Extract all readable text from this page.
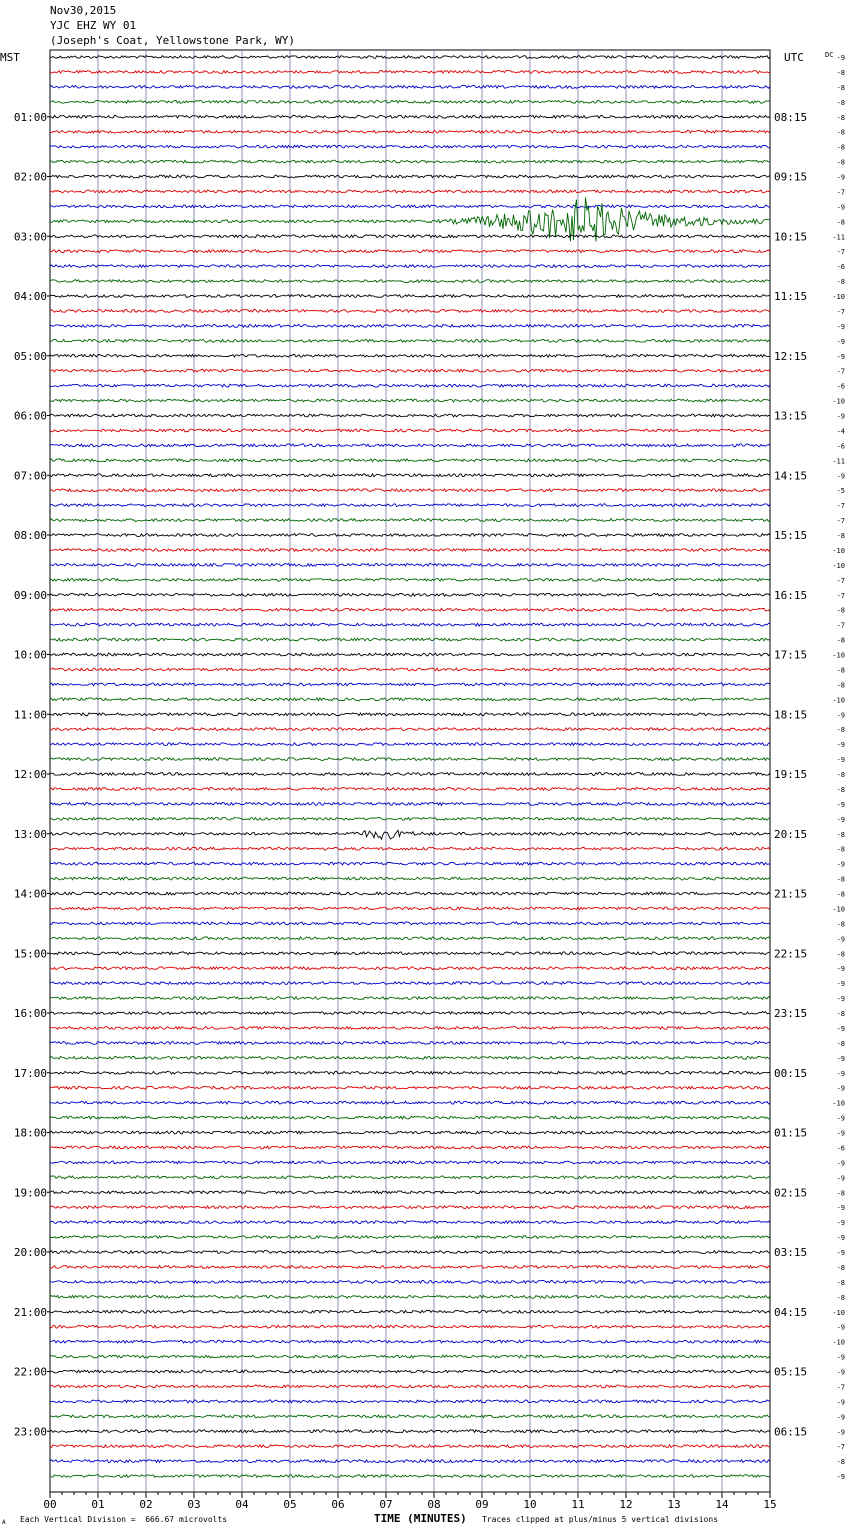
Nov30,2015
YJC EHZ WY 01
(Joseph's Coat, Yellowstone Park, WY)
MST	UTC	DC
01:00
02:00
03:00
04:00
05:00
06:00
07:00
08:00
09:00
10:00
11:00
12:00
13:00
14:00
15:00
16:00
17:00
18:00
19:00
20:00
21:00
22:00
23:00
08:15
09:15
10:15
11:15
12:15
13:15
14:15
15:15
16:15
17:15
18:15
19:15
20:15
21:15
22:15
23:15
00:15
01:15
02:15
03:15
04:15
05:15
06:15
-9
-8
-8
-8
-8
-8
-8
-8
-9
-7
-9
-8
-11
-7
-6
-8
-10
-7
-9
-9
-9
-7
-6
-10
-9
-4
-6
-11
-9
-5
-7
-7
-8
-10
-10
-7
-7
-8
-7
-8
-10
-8
-8
-10
-9
-8
-9
-9
-8
-8
-9
-9
-8
-8
-9
-8
-8
-10
-8
-9
-8
-9
-9
-9
-8
-9
-8
-9
-9
-9
-10
-9
-9
-6
-9
-9
-8
-9
-9
-9
-9
-8
-8
-8
-10
-9
-10
-9
-9
-7
-9
-9
-9
-7
-8
-9
00	01	02	03	04	05	06	07	08	09	10	11	12	13	14	15
A Each Vertical Division =  666.67 microvolts	TIME (MINUTES) Traces clipped at plus/minus 5 vertical divisions
